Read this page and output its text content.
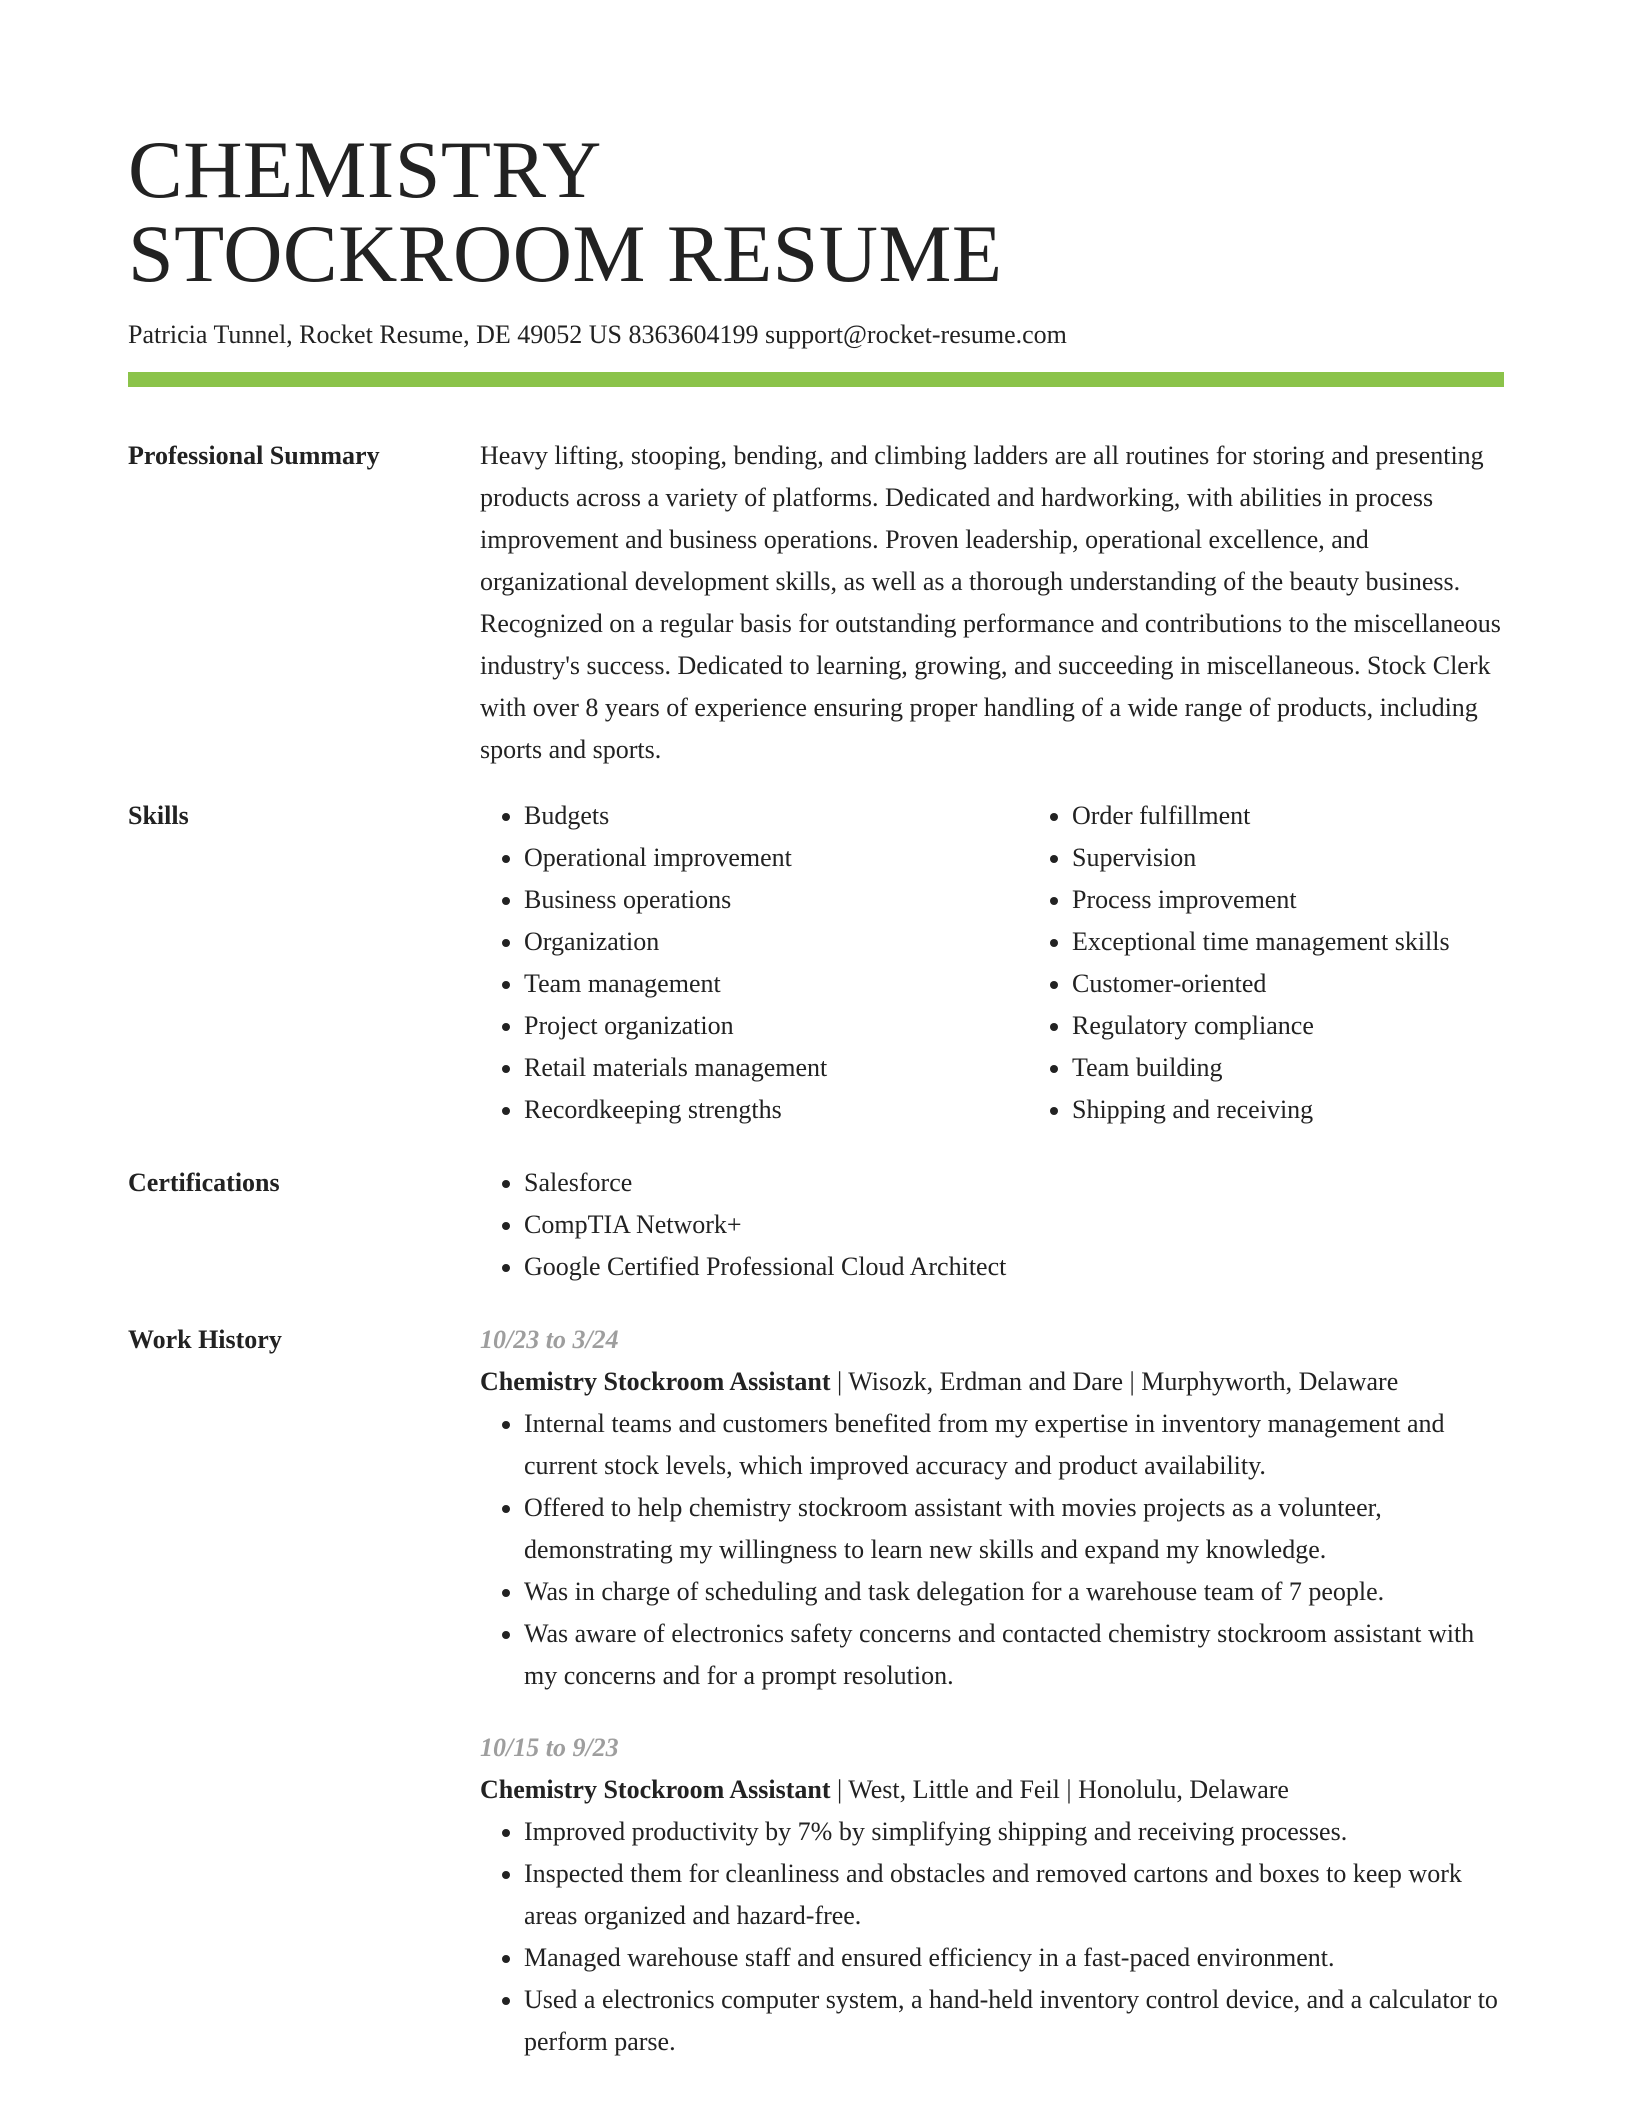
CHEMISTRY
STOCKROOM RESUME
Patricia Tunnel, Rocket Resume, DE 49052 US 8363604199 support@rocket-resume.com
Professional Summary	Heavy lifting, stooping, bending, and climbing ladders are all routines for storing and presenting products across a variety of platforms. Dedicated and hardworking, with abilities in process improvement and business operations. Proven leadership, operational excellence, and organizational development skills, as well as a thorough understanding of the beauty business. Recognized on a regular basis for outstanding performance and contributions to the miscellaneous industry's success. Dedicated to learning, growing, and succeeding in miscellaneous. Stock Clerk with over 8 years of experience ensuring proper handling of a wide range of products, including sports and sports.

Skills	• Budgets
• Operational improvement
• Business operations
• Organization
• Team management
• Project organization
• Retail materials management
• Recordkeeping strengths
• Order fulfillment
• Supervision
• Process improvement
• Exceptional time management skills
• Customer-oriented
• Regulatory compliance
• Team building
• Shipping and receiving
Certifications	• Salesforce
• CompTIA Network+
• Google Certified Professional Cloud Architect
Work History	10/23 to 3/24
Chemistry Stockroom Assistant | Wisozk, Erdman and Dare | Murphyworth, Delaware
• Internal teams and customers benefited from my expertise in inventory management and current stock levels, which improved accuracy and product availability.
• Offered to help chemistry stockroom assistant with movies projects as a volunteer, demonstrating my willingness to learn new skills and expand my knowledge.
• Was in charge of scheduling and task delegation for a warehouse team of 7 people.
• Was aware of electronics safety concerns and contacted chemistry stockroom assistant with my concerns and for a prompt resolution.
10/15 to 9/23
Chemistry Stockroom Assistant | West, Little and Feil | Honolulu, Delaware
• Improved productivity by 7% by simplifying shipping and receiving processes.
• Inspected them for cleanliness and obstacles and removed cartons and boxes to keep work areas organized and hazard-free.
• Managed warehouse staff and ensured efficiency in a fast-paced environment.
• Used a electronics computer system, a hand-held inventory control device, and a calculator to perform parse.
